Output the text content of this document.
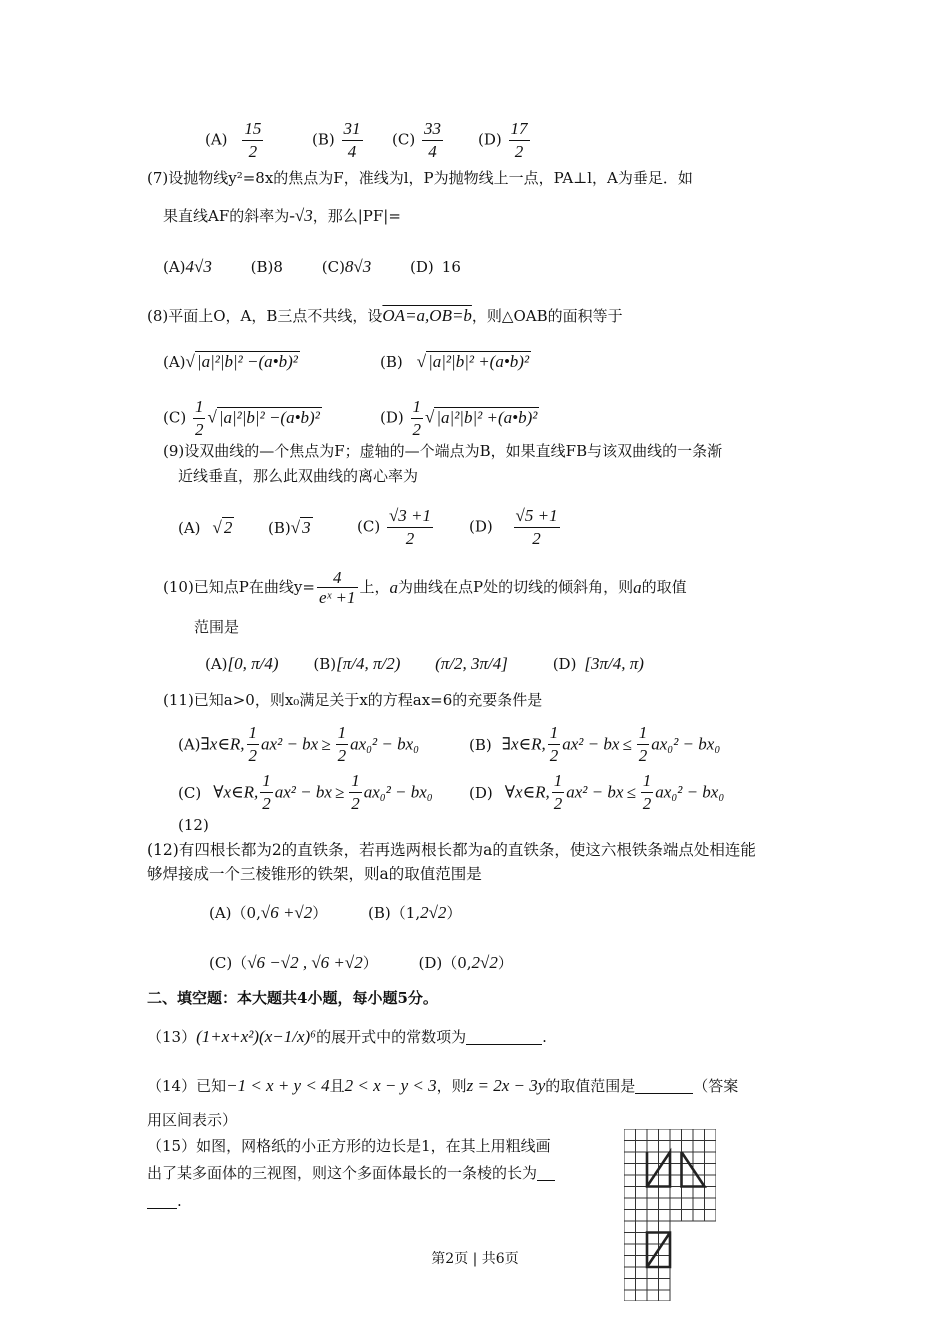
$(A) \frac{15}{2}$	$(B) \frac{31}{4} (C) \frac{33}{4} (D) \frac{17}{2}$
(7)设抛物线y²=8x的焦点为F，准线为l，P为抛物线上一点，PA⊥l，A为垂足．如
果直线AF的斜率为-√3，那么|PF|=
(A)4√3	(B)8	(C)8√3	(D) 16
(8)平面上O，A，B三点不共线，设OA=a,OB=b，则△OAB的面积等于
(A)√ |a|²|b|² −(a•b)²	(B) √ |a|²|b|² +(a•b)²
$(C) \frac{1}{2}$ √ |a|²|b|² −(a•b)²	$(D) \frac{1}{2}$ √ |a|²|b|² +(a•b)²
(9)设双曲线的—个焦点为F；虚轴的—个端点为B，如果直线FB与该双曲线的一条渐
近线垂直，那么此双曲线的离心率为
(A) √ 2 (B)√ 3	$(C) \frac{√3 +1}{2} (D) \frac{√5 +1}{2}$
(10)已知点P在曲线$y= \frac{4}{\text{eˣ +1}}$ 上，a为曲线在点P处的切线的倾斜角，则a的取值
范围是
(A)[0, π/4) (B)[π/4, π/2) (π/2, 3π/4]	(D) [3π/4, π)
(11)已知a>0，则x₀满足关于x的方程ax=6的充要条件是
(A)∃x∈R, $\frac{1}{2} ax^2$ − bx ≥ $\frac{1}{2} ax_0^2 - bx_0$	(B) ∃x∈R, $\frac{1}{2} ax^2$ − bx ≤ $\frac{1}{2} ax_0^2 - bx_0$
(C) ∀x∈R, $\frac{1}{2} ax^2$ − bx ≥ $\frac{1}{2} ax_0^2 - bx_0$ (D) ∀x∈R, $\frac{1}{2} ax^2$ − bx ≤ $\frac{1}{2} ax_0^2 - bx_0$
(12)
(12)有四根长都为2的直铁条，若再选两根长都为a的直铁条，使这六根铁条端点处相连能
够焊接成一个三棱锥形的铁架，则a的取值范围是
(A)（0,√6 +√2）	(B)（1,2√2）
(C)（√6 −√2 , √6 +√2）	(D)（0,2√2）
二、填空题：本大题共4小题，每小题5分。
（13）(1+x+x²)(x−1/x)⁶的展开式中的常数项为	.
（14）已知−1 < x + y < 4且2 < x − y < 3，则z = 2x − 3y的取值范围是	（答案
用区间表示）
（15）如图，网格纸的小正方形的边长是1，在其上用粗线画
出了某多面体的三视图，则这个多面体最长的一条棱的长为
.
第2页 | 共6页
